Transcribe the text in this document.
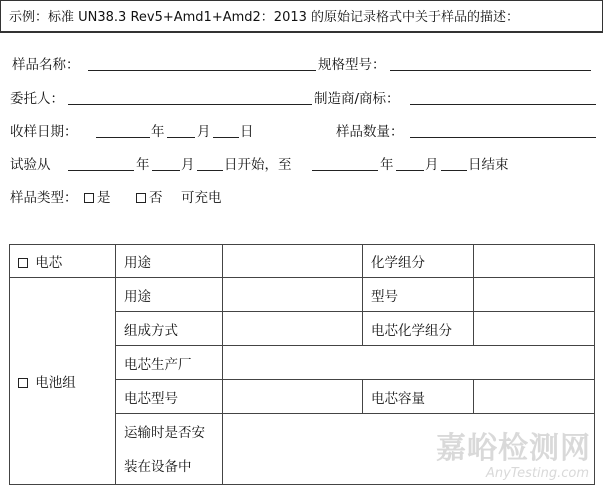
示例：标准 UN38.3 Rev5+Amd1+Amd2：2013 的原始记录格式中关于样品的描述：
样品名称：	规格型号：
委托人：	制造商/商标：
收样日期：	年 月 日	样品数量：
试验从	年 月 日开始，至	年 月 日结束
样品类型：	是	否 可充电
电芯	用途		化学组分	
电池组	用途		型号	
	组成方式		电芯化学组分	
	电芯生产厂			
	电芯型号		电芯容量	
	运输时是否安
装在设备中			
嘉峪检测网
AnyTesting.com
